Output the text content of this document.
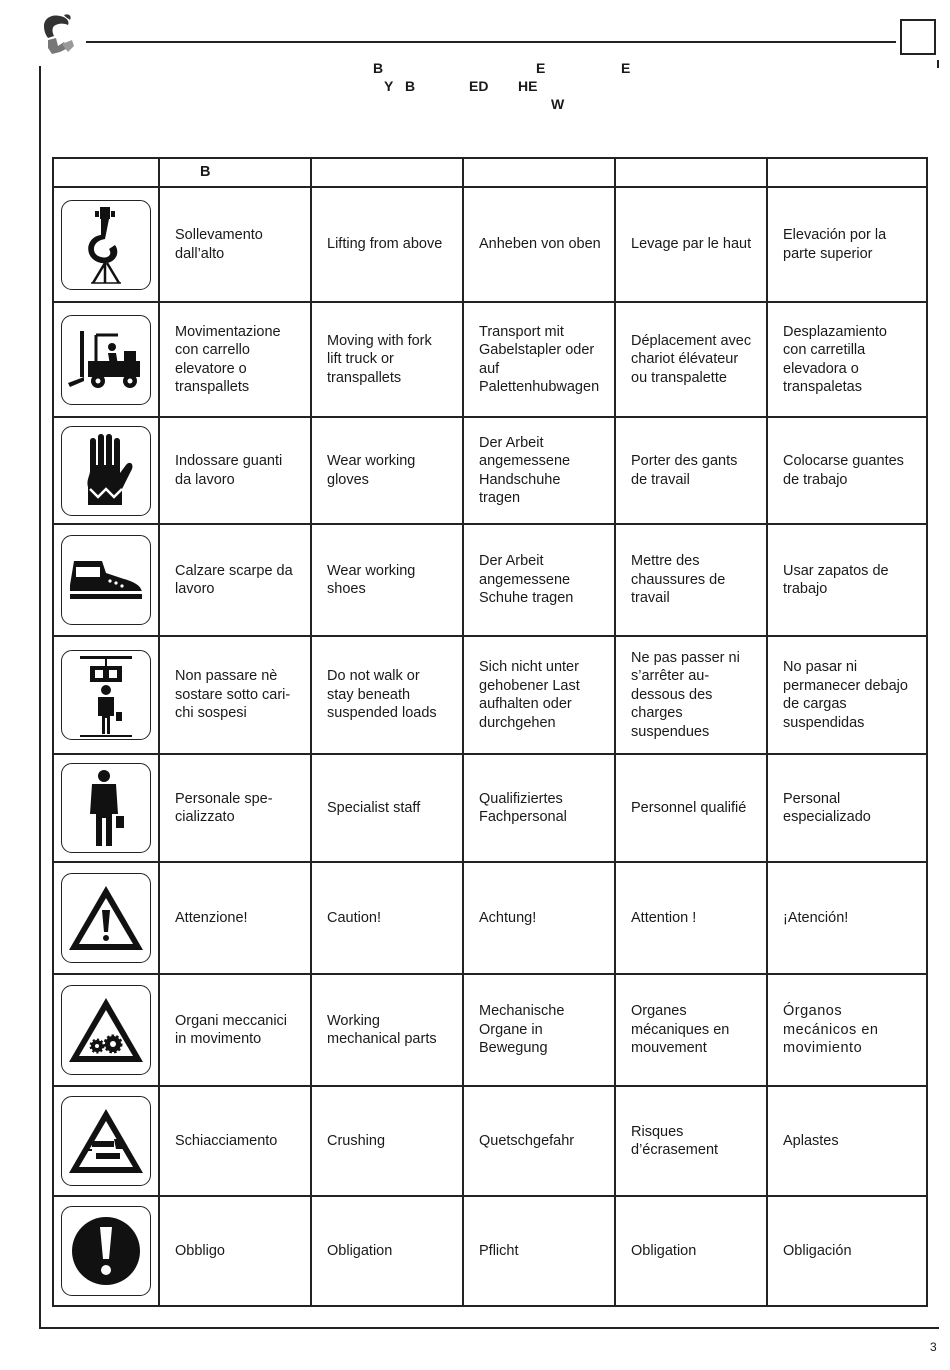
B	E	E
Y B	ED HE
W
	B				

	Sollevamento dall’alto	Lifting from above	Anheben von oben	Levage par le haut	Elevación por la parte superior

	Movimentazione con carrello elevatore o transpallets	Moving with fork lift truck or transpallets	Transport mit Gabelstapler oder auf Palettenhubwagen	Déplacement avec chariot élévateur ou transpalette	Desplazamiento con carretilla elevadora o transpaletas

	Indossare guanti da lavoro	Wear working gloves	Der Arbeit angemessene Handschuhe tragen	Porter des gants de travail	Colocarse guantes de trabajo

	Calzare scarpe da lavoro	Wear working shoes	Der Arbeit angemessene Schuhe tragen	Mettre des chaussures de travail	Usar zapatos de trabajo

	Non passare nè sostare sotto cari-chi sospesi	Do not walk or stay beneath suspended loads	Sich nicht unter gehobener Last aufhalten oder durchgehen	Ne pas passer ni s’arrêter au-dessous des charges suspendues	No pasar ni permanecer debajo de cargas suspendidas

	Personale spe-cializzato	Specialist staff	Qualifiziertes Fachpersonal	Personnel qualifié	Personal especializado

	Attenzione!	Caution!	Achtung!	Attention !	¡Atención!

	Organi meccanici in movimento	Working mechanical parts	Mechanische Organe in Bewegung	Organes mécaniques en mouvement	Órganos mecánicos en movimiento

	Schiacciamento	Crushing	Quetschgefahr	Risques d’écrasement	Aplastes

	Obbligo	Obligation	Pflicht	Obligation	Obligación
3
